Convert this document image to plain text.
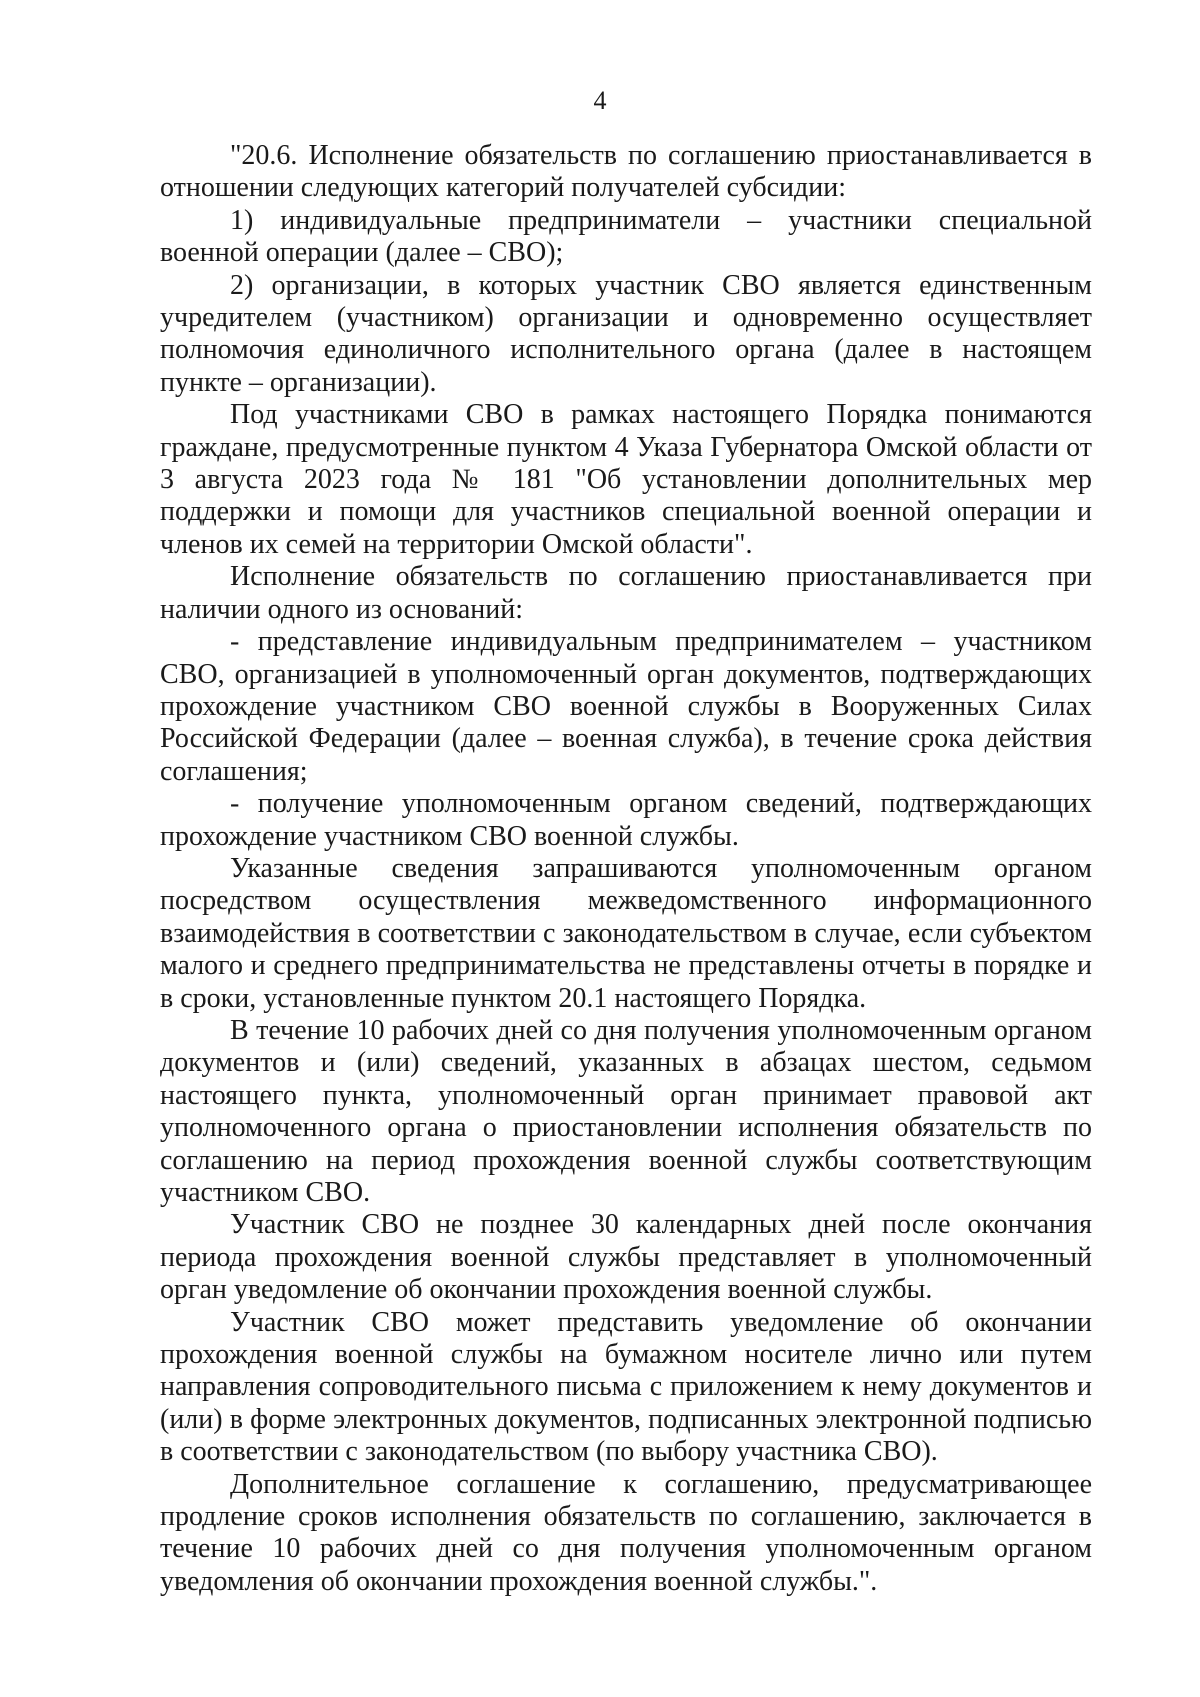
4

"20.6. Исполнение обязательств по соглашению приостанавливается в отношении следующих категорий получателей субсидии:

1) индивидуальные предприниматели – участники специальной военной операции (далее – СВО);

2) организации, в которых участник СВО является единственным учредителем (участником) организации и одновременно осуществляет полномочия единоличного исполнительного органа (далее в настоящем пункте – организации).

Под участниками СВО в рамках настоящего Порядка понимаются граждане, предусмотренные пунктом 4 Указа Губернатора Омской области от 3 августа 2023 года № 181 "Об установлении дополнительных мер поддержки и помощи для участников специальной военной операции и членов их семей на территории Омской области".

Исполнение обязательств по соглашению приостанавливается при наличии одного из оснований:

- представление индивидуальным предпринимателем – участником СВО, организацией в уполномоченный орган документов, подтверждающих прохождение участником СВО военной службы в Вооруженных Силах Российской Федерации (далее – военная служба), в течение срока действия соглашения;

- получение уполномоченным органом сведений, подтверждающих прохождение участником СВО военной службы.

Указанные сведения запрашиваются уполномоченным органом посредством осуществления межведомственного информационного взаимодействия в соответствии с законодательством в случае, если субъектом малого и среднего предпринимательства не представлены отчеты в порядке и в сроки, установленные пунктом 20.1 настоящего Порядка.

В течение 10 рабочих дней со дня получения уполномоченным органом документов и (или) сведений, указанных в абзацах шестом, седьмом настоящего пункта, уполномоченный орган принимает правовой акт уполномоченного органа о приостановлении исполнения обязательств по соглашению на период прохождения военной службы соответствующим участником СВО.

Участник СВО не позднее 30 календарных дней после окончания периода прохождения военной службы представляет в уполномоченный орган уведомление об окончании прохождения военной службы.

Участник СВО может представить уведомление об окончании прохождения военной службы на бумажном носителе лично или путем направления сопроводительного письма с приложением к нему документов и (или) в форме электронных документов, подписанных электронной подписью в соответствии с законодательством (по выбору участника СВО).

Дополнительное соглашение к соглашению, предусматривающее продление сроков исполнения обязательств по соглашению, заключается в течение 10 рабочих дней со дня получения уполномоченным органом уведомления об окончании прохождения военной службы.".
